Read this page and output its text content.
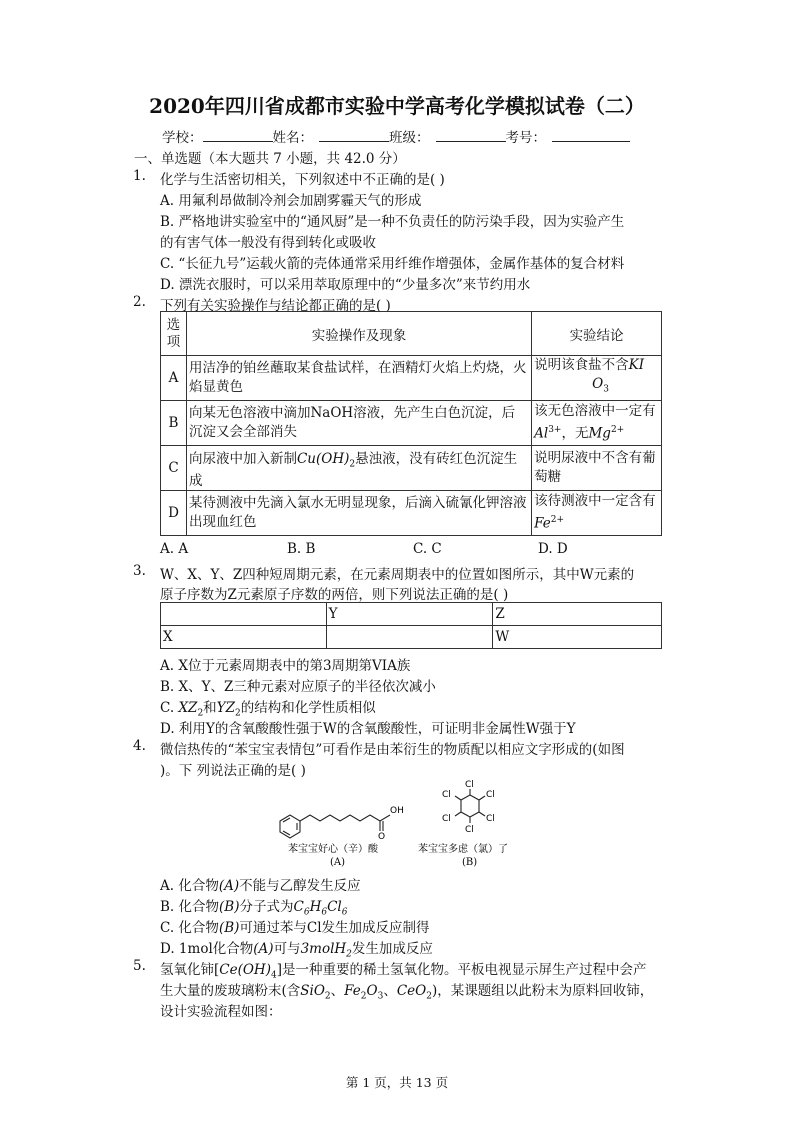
2020年四川省成都市实验中学高考化学模拟试卷（二）
学校：	姓名：	班级：	考号：
一、单选题（本大题共 7 小题，共 42.0 分）
1. 化学与生活密切相关，下列叙述中不正确的是( )
A. 用氟利昂做制冷剂会加剧雾霾天气的形成
B. 严格地讲实验室中的“通风厨”是一种不负责任的防污染手段，因为实验产生
的有害气体一般没有得到转化或吸收
C. “长征九号”运载火箭的壳体通常采用纤维作增强体，金属作基体的复合材料
D. 漂洗衣服时，可以采用萃取原理中的“少量多次”来节约用水
2. 下列有关实验操作与结论都正确的是( )
选
项	实验操作及现象	实验结论
A	用洁净的铂丝蘸取某食盐试样，在酒精灯火焰上灼烧，火
焰显黄色	说明该食盐不含KI
$O_3$
B	向某无色溶液中滴加NaOH溶液，先产生白色沉淀，后
沉淀又会全部消失	该无色溶液中一定有
$Al^{3+}$，无$Mg^{2+}$
C	向尿液中加入新制$Cu(OH)_2$悬浊液，没有砖红色沉淀生成	说明尿液中不含有葡
萄糖
D	某待测液中先滴入氯水无明显现象，后滴入硫氰化钾溶液
出现血红色	该待测液中一定含有
$Fe^{2+}$
A. A	B. B	C. C	D. D
3. W、X、Y、Z四种短周期元素，在元素周期表中的位置如图所示，其中W元素的
原子序数为Z元素原子序数的两倍，则下列说法正确的是( )
	Y	Z
X		W
A. X位于元素周期表中的第3周期第VIA族
B. X、Y、Z三种元素对应原子的半径依次减小
C. $XZ_2$和$YZ_2$的结构和化学性质相似
D. 利用Y的含氧酸酸性强于W的含氧酸酸性，可证明非金属性W强于Y
4. 微信热传的“苯宝宝表情包”可看作是由苯衍生的物质配以相应文字形成的(如图
)。下 列说法正确的是( )
OH
O
Cl
Cl
Cl
Cl
Cl
Cl
苯宝宝好心（辛）酸
(A)
苯宝宝多虑（氯）了
(B)
A. 化合物(A)不能与乙醇发生反应
B. 化合物(B)分子式为$C_6H_6Cl_6$
C. 化合物(B)可通过苯与Cl发生加成反应制得
D. 1mol化合物(A)可与3molH$_2$发生加成反应
5. 氢氧化铈$[Ce(OH)_4]$是一种重要的稀土氢氧化物。平板电视显示屏生产过程中会产
生大量的废玻璃粉末(含SiO$_2$、$Fe_2O_3$、CeO$_2$)，某课题组以此粉末为原料回收铈，
设计实验流程如图：
第 1 页，共 13 页
